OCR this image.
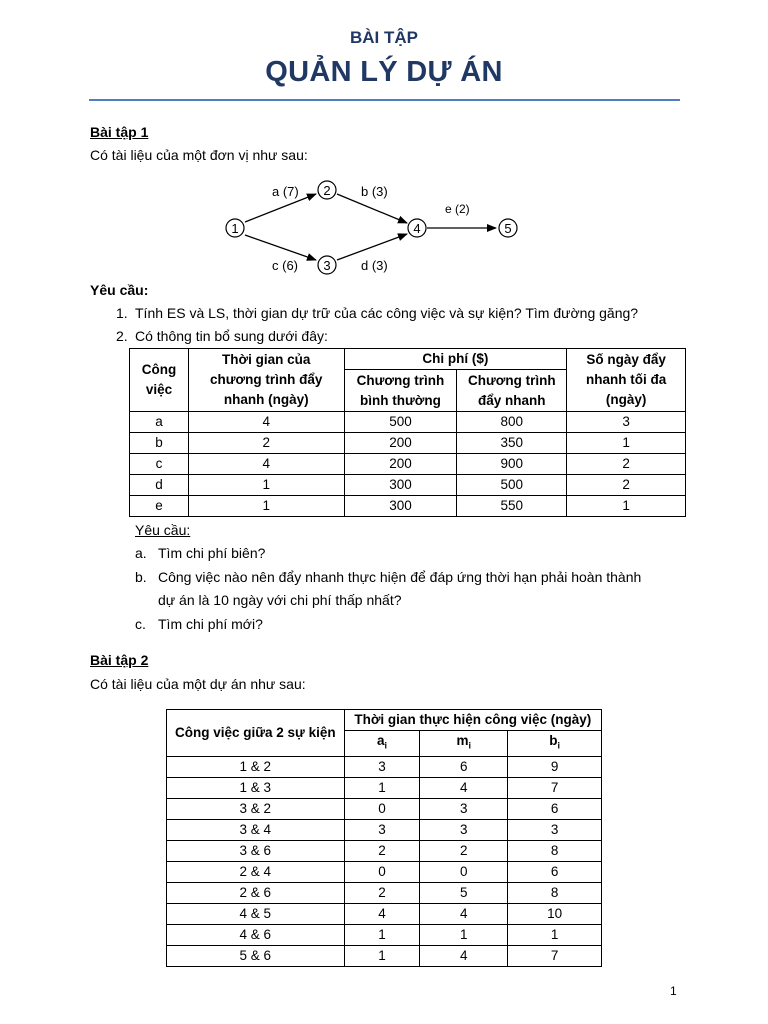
BÀI TẬP
QUẢN LÝ DỰ ÁN
Bài tập 1
Có tài liệu của một đơn vị như sau:
a (7)	b (3)
c (6)	d (3)
e (2)
1
2
3
4	5
Yêu cầu:
1. Tính ES và LS, thời gian dự trữ của các công việc và sự kiện? Tìm đường găng?
2. Có thông tin bổ sung dưới đây:
Công việc	Thời gian của chương trình đẩy nhanh (ngày)	Chi phí ($)		Số ngày đẩy nhanh tối đa (ngày)
		Chương trình bình thường	Chương trình đẩy nhanh	
a	4	500	800	3
b	2	200	350	1
c	4	200	900	2
d	1	300	500	2
e	1	300	550	1
Yêu cầu:
a. Tìm chi phí biên?
b. Công việc nào nên đẩy nhanh thực hiện để đáp ứng thời hạn phải hoàn thành
dự án là 10 ngày với chi phí thấp nhất?
c. Tìm chi phí mới?
Bài tập 2
Có tài liệu của một dự án như sau:
Công việc giữa 2 sự kiện	Thời gian thực hiện công việc (ngày)		
	$a_i$	$m_i$	$b_i$
1 & 2	3	6	9
1 & 3	1	4	7
3 & 2	0	3	6
3 & 4	3	3	3
3 & 6	2	2	8
2 & 4	0	0	6
2 & 6	2	5	8
4 & 5	4	4	10
4 & 6	1	1	1
5 & 6	1	4	7
1
